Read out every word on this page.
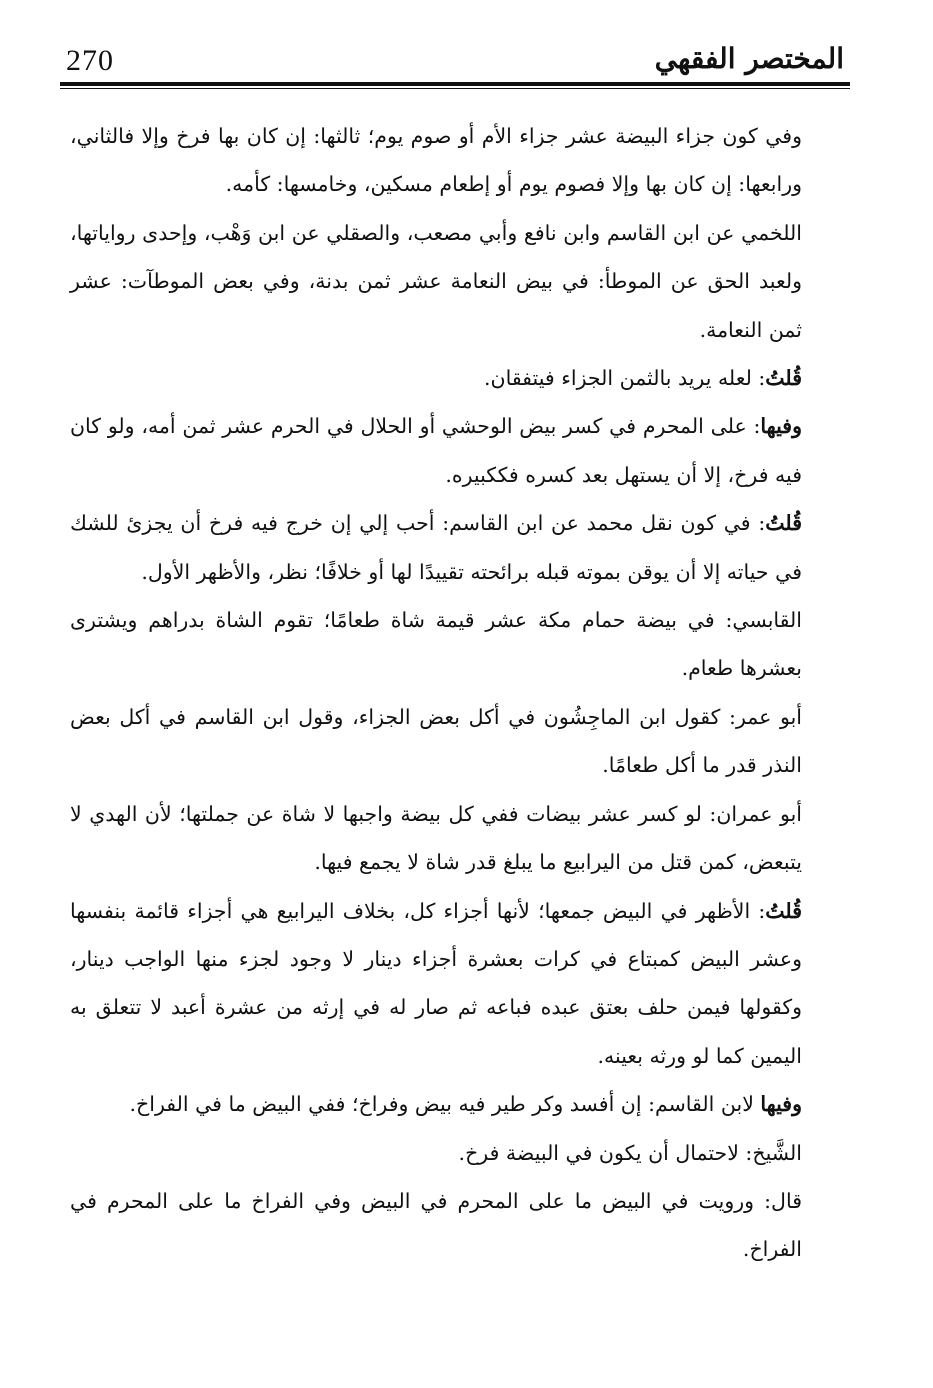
270	المختصر الفقهي

وفي كون جزاء البيضة عشر جزاء الأم أو صوم يوم؛ ثالثها: إن كان بها فرخ وإلا فالثاني، ورابعها: إن كان بها وإلا فصوم يوم أو إطعام مسكين، وخامسها: كأمه.

اللخمي عن ابن القاسم وابن نافع وأبي مصعب، والصقلي عن ابن وَهْب، وإحدى رواياتها، ولعبد الحق عن الموطأ: في بيض النعامة عشر ثمن بدنة، وفي بعض الموطآت: عشر ثمن النعامة.

قُلتُ: لعله يريد بالثمن الجزاء فيتفقان.

وفيها: على المحرم في كسر بيض الوحشي أو الحلال في الحرم عشر ثمن أمه، ولو كان فيه فرخ، إلا أن يستهل بعد كسره فككبيره.

قُلتُ: في كون نقل محمد عن ابن القاسم: أحب إلي إن خرج فيه فرخ أن يجزئ للشك في حياته إلا أن يوقن بموته قبله برائحته تقييدًا لها أو خلافًا؛ نظر، والأظهر الأول.

القابسي: في بيضة حمام مكة عشر قيمة شاة طعامًا؛ تقوم الشاة بدراهم ويشترى بعشرها طعام.

أبو عمر: كقول ابن الماجِشُون في أكل بعض الجزاء، وقول ابن القاسم في أكل بعض النذر قدر ما أكل طعامًا.

أبو عمران: لو كسر عشر بيضات ففي كل بيضة واجبها لا شاة عن جملتها؛ لأن الهدي لا يتبعض، كمن قتل من اليرابيع ما يبلغ قدر شاة لا يجمع فيها.

قُلتُ: الأظهر في البيض جمعها؛ لأنها أجزاء كل، بخلاف اليرابيع هي أجزاء قائمة بنفسها وعشر البيض كمبتاع في كرات بعشرة أجزاء دينار لا وجود لجزء منها الواجب دينار، وكقولها فيمن حلف بعتق عبده فباعه ثم صار له في إرثه من عشرة أعبد لا تتعلق به اليمين كما لو ورثه بعينه.

وفيها لابن القاسم: إن أفسد وكر طير فيه بيض وفراخ؛ ففي البيض ما في الفراخ.

الشَّيخ: لاحتمال أن يكون في البيضة فرخ.

قال: ورويت في البيض ما على المحرم في البيض وفي الفراخ ما على المحرم في الفراخ.
